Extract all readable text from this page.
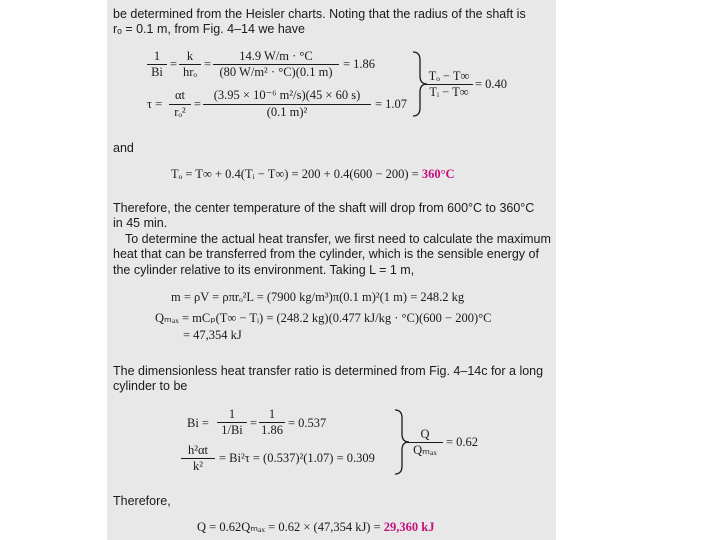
be determined from the Heisler charts. Noting that the radius of the shaft is
rₒ = 0.1 m, from Fig. 4–14 we have
1
Bi
=
k
hrₒ
=
14.9 W/m · °C
(80 W/m² · °C)(0.1 m)
= 1.86
τ =
αt
rₒ²
=
(3.95 × 10⁻⁶ m²/s)(45 × 60 s)
(0.1 m)²
= 1.07
Tₒ − T∞
Tᵢ − T∞
= 0.40
and
Tₒ = T∞ + 0.4(Tᵢ − T∞) = 200 + 0.4(600 − 200) = 360°C
Therefore, the center temperature of the shaft will drop from 600°C to 360°C
in 45 min.
To determine the actual heat transfer, we first need to calculate the maximum
heat that can be transferred from the cylinder, which is the sensible energy of
the cylinder relative to its environment. Taking L = 1 m,
m = ρV = ρπrₒ²L = (7900 kg/m³)π(0.1 m)²(1 m) = 248.2 kg
Qₘₐₓ = mCₚ(T∞ − Tᵢ) = (248.2 kg)(0.477 kJ/kg · °C)(600 − 200)°C
= 47,354 kJ
The dimensionless heat transfer ratio is determined from Fig. 4–14c for a long
cylinder to be
Bi =
1
1/Bi =
1
1.86 = 0.537
h²αt
k²
= Bi²τ = (0.537)²(1.07) = 0.309
Q
Qₘₐₓ
= 0.62
Therefore,
Q = 0.62Qₘₐₓ = 0.62 × (47,354 kJ) = 29,360 kJ
